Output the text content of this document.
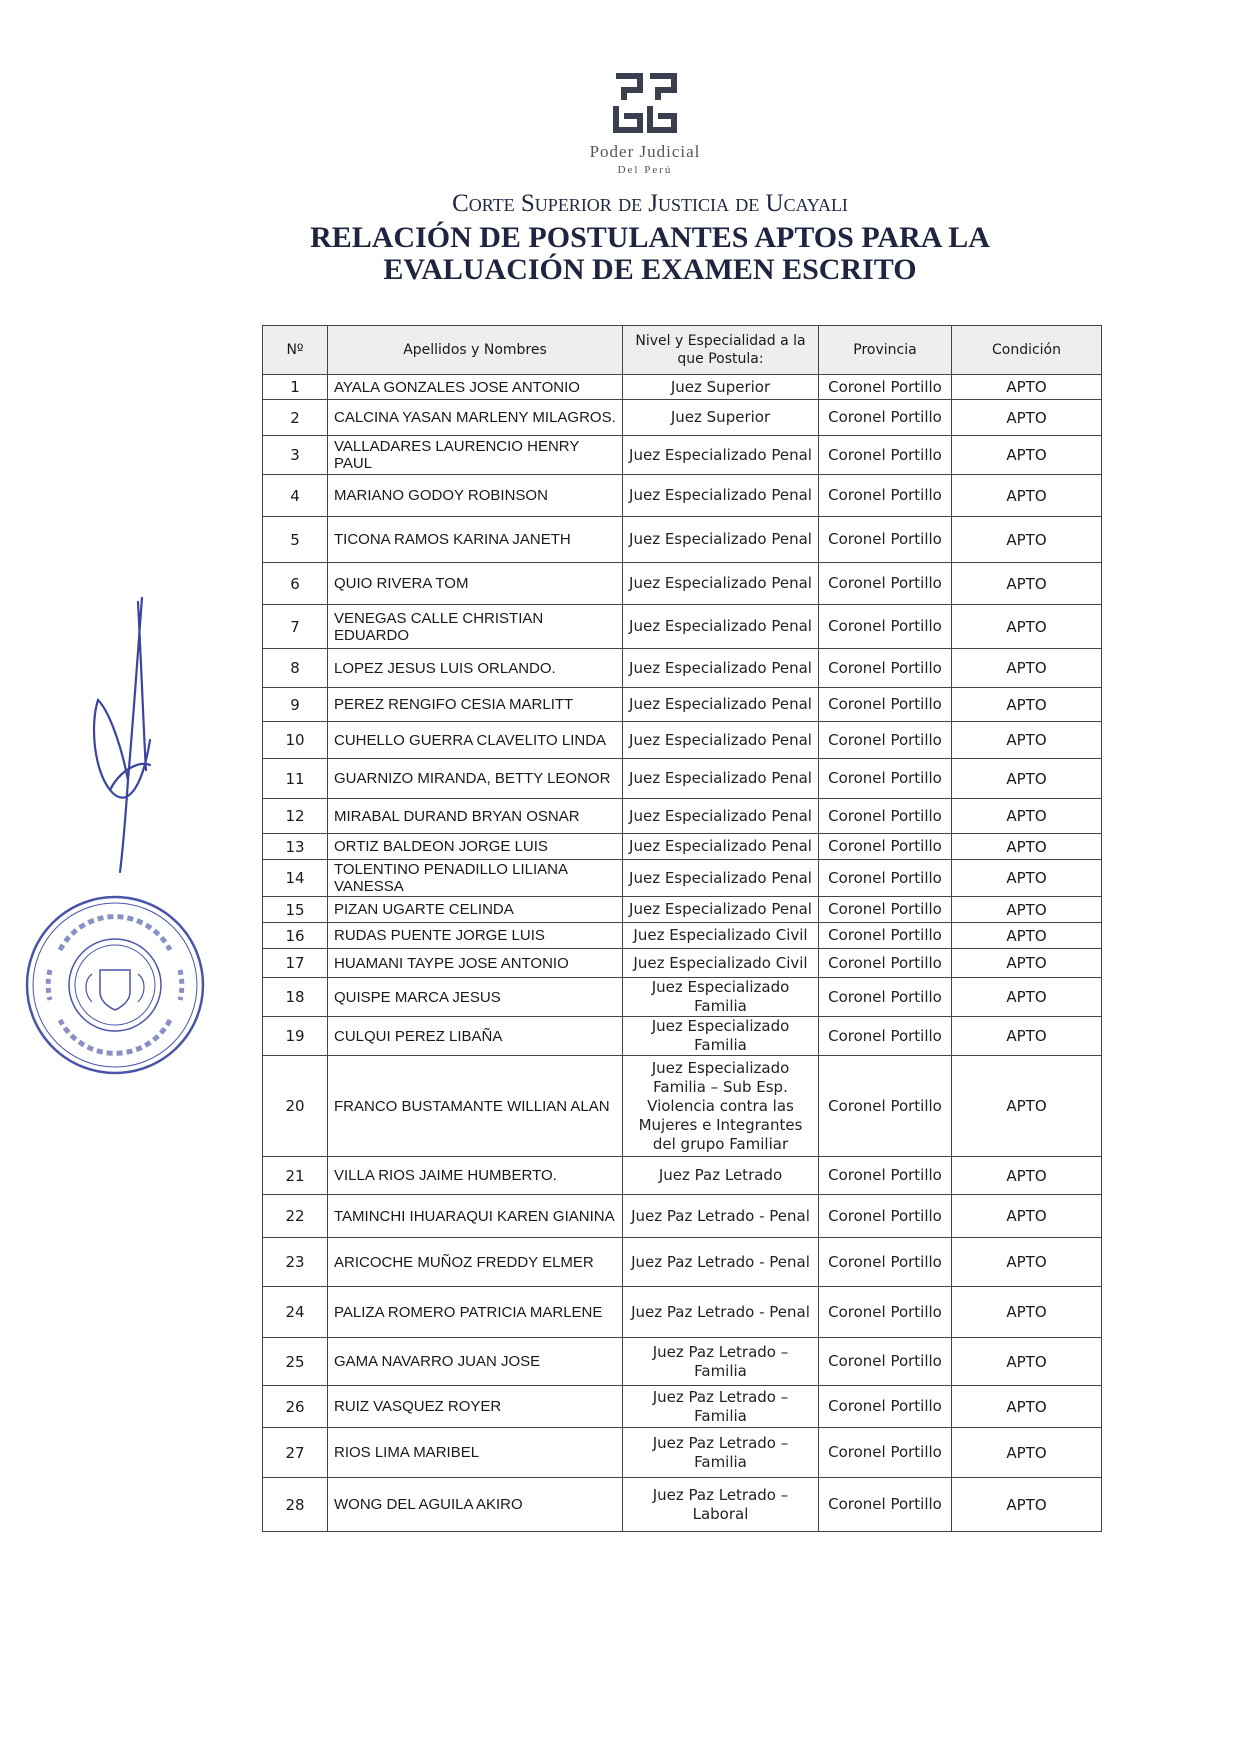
Poder Judicial
Del Perú
Corte Superior de Justicia de Ucayali
RELACIÓN DE POSTULANTES APTOS PARA LA
EVALUACIÓN DE EXAMEN ESCRITO
Nº	Apellidos y Nombres	Nivel y Especialidad a la que Postula:	Provincia	Condición
1	AYALA GONZALES JOSE ANTONIO	Juez Superior	Coronel Portillo	APTO
2	CALCINA YASAN MARLENY MILAGROS.	Juez Superior	Coronel Portillo	APTO
3	VALLADARES LAURENCIO HENRY PAUL	Juez Especializado Penal	Coronel Portillo	APTO
4	MARIANO GODOY ROBINSON	Juez Especializado Penal	Coronel Portillo	APTO
5	TICONA RAMOS KARINA JANETH	Juez Especializado Penal	Coronel Portillo	APTO
6	QUIO RIVERA TOM	Juez Especializado Penal	Coronel Portillo	APTO
7	VENEGAS CALLE CHRISTIAN EDUARDO	Juez Especializado Penal	Coronel Portillo	APTO
8	LOPEZ JESUS LUIS ORLANDO.	Juez Especializado Penal	Coronel Portillo	APTO
9	PEREZ RENGIFO CESIA MARLITT	Juez Especializado Penal	Coronel Portillo	APTO
10	CUHELLO GUERRA CLAVELITO LINDA	Juez Especializado Penal	Coronel Portillo	APTO
11	GUARNIZO MIRANDA, BETTY LEONOR	Juez Especializado Penal	Coronel Portillo	APTO
12	MIRABAL DURAND BRYAN OSNAR	Juez Especializado Penal	Coronel Portillo	APTO
13	ORTIZ BALDEON JORGE LUIS	Juez Especializado Penal	Coronel Portillo	APTO
14	TOLENTINO PENADILLO LILIANA VANESSA	Juez Especializado Penal	Coronel Portillo	APTO
15	PIZAN UGARTE CELINDA	Juez Especializado Penal	Coronel Portillo	APTO
16	RUDAS PUENTE JORGE LUIS	Juez Especializado Civil	Coronel Portillo	APTO
17	HUAMANI TAYPE JOSE ANTONIO	Juez Especializado Civil	Coronel Portillo	APTO
18	QUISPE MARCA JESUS	Juez Especializado Familia	Coronel Portillo	APTO
19	CULQUI PEREZ LIBAÑA	Juez Especializado Familia	Coronel Portillo	APTO
20	FRANCO BUSTAMANTE WILLIAN ALAN	Juez Especializado Familia – Sub Esp. Violencia contra las Mujeres e Integrantes del grupo Familiar	Coronel Portillo	APTO
21	VILLA RIOS JAIME HUMBERTO.	Juez Paz Letrado	Coronel Portillo	APTO
22	TAMINCHI IHUARAQUI KAREN GIANINA	Juez Paz Letrado - Penal	Coronel Portillo	APTO
23	ARICOCHE MUÑOZ FREDDY ELMER	Juez Paz Letrado - Penal	Coronel Portillo	APTO
24	PALIZA ROMERO PATRICIA MARLENE	Juez Paz Letrado - Penal	Coronel Portillo	APTO
25	GAMA NAVARRO JUAN JOSE	Juez Paz Letrado – Familia	Coronel Portillo	APTO
26	RUIZ VASQUEZ ROYER	Juez Paz Letrado – Familia	Coronel Portillo	APTO
27	RIOS LIMA MARIBEL	Juez Paz Letrado – Familia	Coronel Portillo	APTO
28	WONG DEL AGUILA AKIRO	Juez Paz Letrado – Laboral	Coronel Portillo	APTO
